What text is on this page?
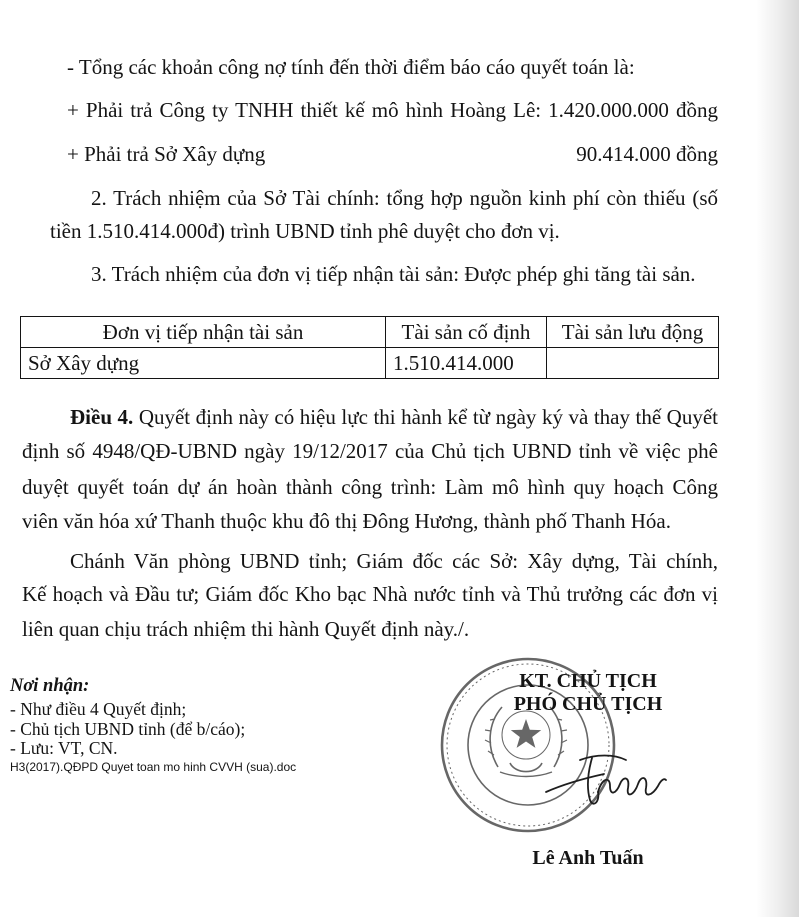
- Tổng các khoản công nợ tính đến thời điểm báo cáo quyết toán là:
+ Phải trả Công ty TNHH thiết kế mô hình Hoàng Lê: 1.420.000.000 đồng
+ Phải trả Sở Xây dựng	90.414.000 đồng
2. Trách nhiệm của Sở Tài chính: tổng hợp nguồn kinh phí còn thiếu (số
tiền 1.510.414.000đ) trình UBND tỉnh phê duyệt cho đơn vị.
3. Trách nhiệm của đơn vị tiếp nhận tài sản: Được phép ghi tăng tài sản.
Đơn vị tiếp nhận tài sản	Tài sản cố định	Tài sản lưu động
Sở Xây dựng	1.510.414.000	
Điều 4. Quyết định này có hiệu lực thi hành kể từ ngày ký và thay thế Quyết
định số 4948/QĐ-UBND ngày 19/12/2017 của Chủ tịch UBND tỉnh về việc phê
duyệt quyết toán dự án hoàn thành công trình: Làm mô hình quy hoạch Công
viên văn hóa xứ Thanh thuộc khu đô thị Đông Hương, thành phố Thanh Hóa.
Chánh Văn phòng UBND tỉnh; Giám đốc các Sở: Xây dựng, Tài chính,
Kế hoạch và Đầu tư; Giám đốc Kho bạc Nhà nước tỉnh và Thủ trưởng các đơn vị
liên quan chịu trách nhiệm thi hành Quyết định này./.
Nơi nhận:
- Như điều 4 Quyết định;
- Chủ tịch UBND tỉnh (để b/cáo);
- Lưu: VT, CN.
H3(2017).QĐPD Quyet toan mo hinh CVVH (sua).doc
KT. CHỦ TỊCH
PHÓ CHỦ TỊCH
Lê Anh Tuấn
